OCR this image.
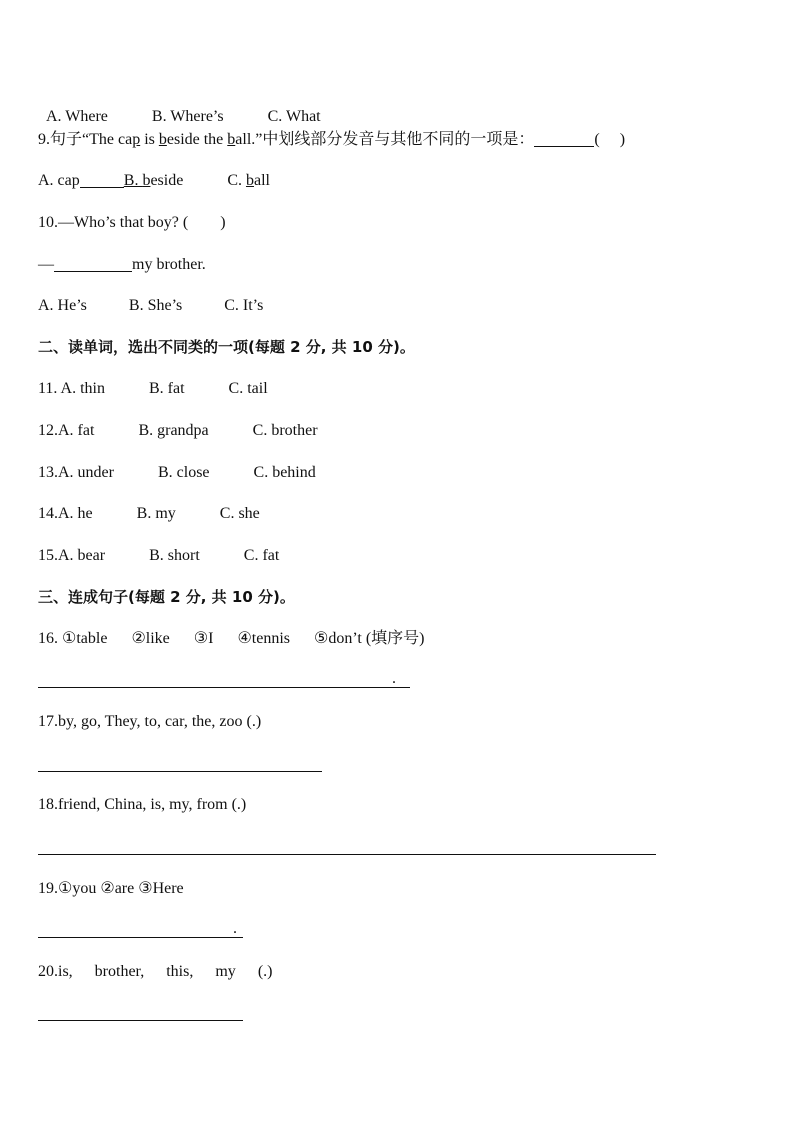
A. Where	B. Where’s	C. What

9.句子“The cap is beside the ball.”中划线部分发音与其他不同的一项是：	(     )
A. cap	B. beside	C. ball
10.—Who’s that boy? (        )
—	my brother.
A. He’s	B. She’s	C. It’s
二、读单词，选出不同类的一项(每题 2 分, 共 10 分)。
11. A. thin	B. fat	C. tail
12.A. fat	B. grandpa	C. brother
13.A. under	B. close	C. behind
14.A. he	B. my	C. she
15.A. bear	B. short	C. fat
三、连成句子(每题 2 分, 共 10 分)。
16. ①table ②like ③I ④tennis ⑤don’t (填序号)
.
17.by, go, They, to, car, the, zoo (.)
18.friend, China, is, my, from (.)
19.①you ②are ③Here
.
20.is, brother, this, my (.)
